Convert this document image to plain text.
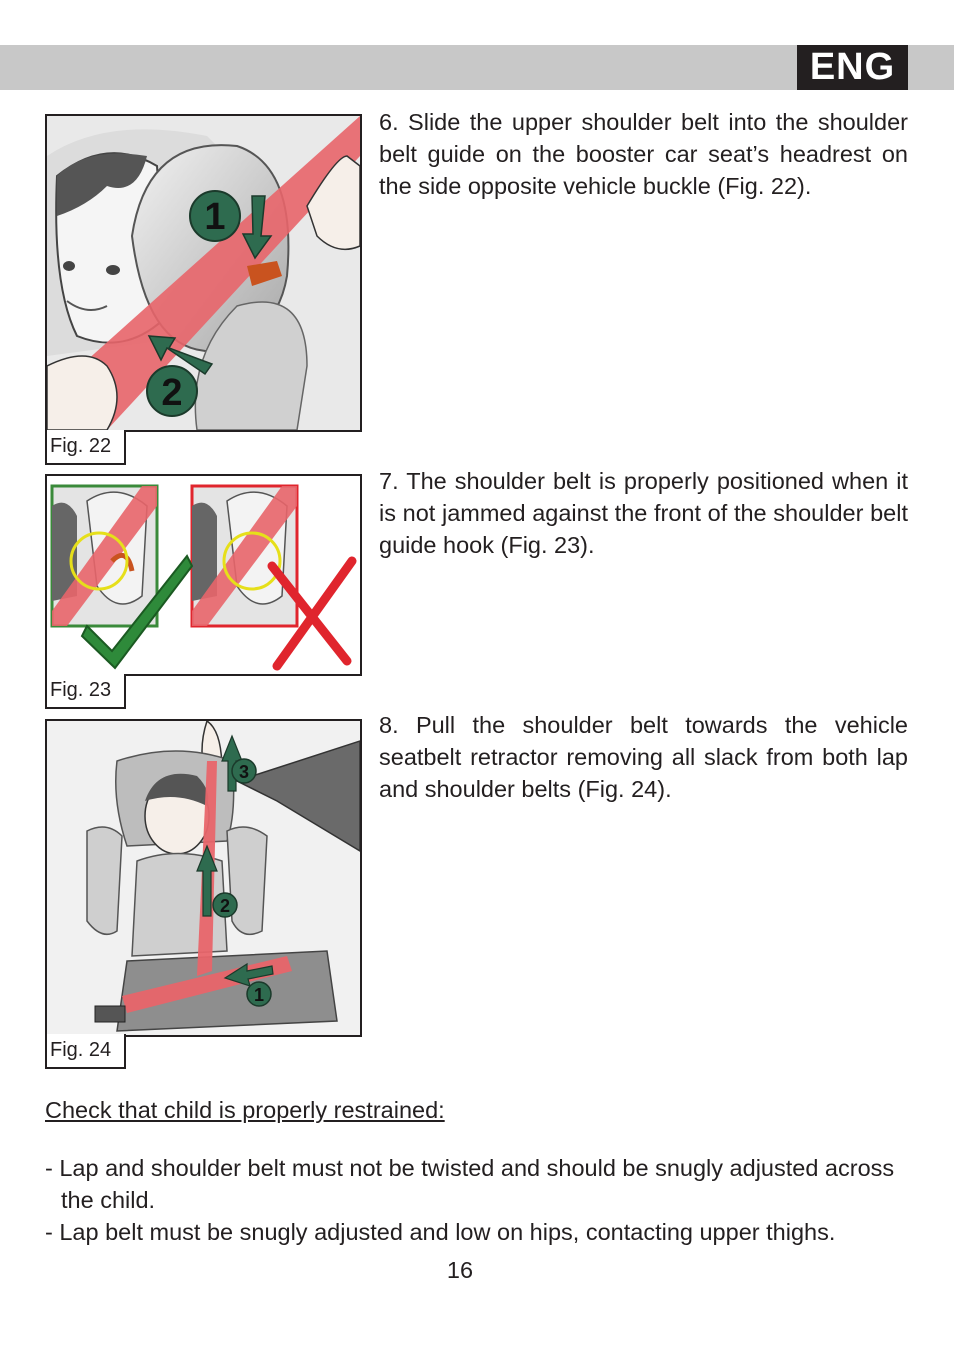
ENG
1
2
Fig. 22

6. Slide the upper shoulder belt into the shoulder belt guide on the booster car seat’s headrest on the side opposite vehicle buckle (Fig. 22).

Fig. 23

7. The shoulder belt is properly positioned when it is not jammed against the front of the shoulder belt guide hook (Fig. 23).

3
2
1
Fig. 24

8. Pull the shoulder belt towards the vehicle seatbelt retractor removing all slack from both lap and shoulder belts (Fig. 24).

Check that child is properly restrained:

- Lap and shoulder belt must not be twisted and should be snugly adjusted across the child.
- Lap belt must be snugly adjusted and low on hips, contacting upper thighs.
16
